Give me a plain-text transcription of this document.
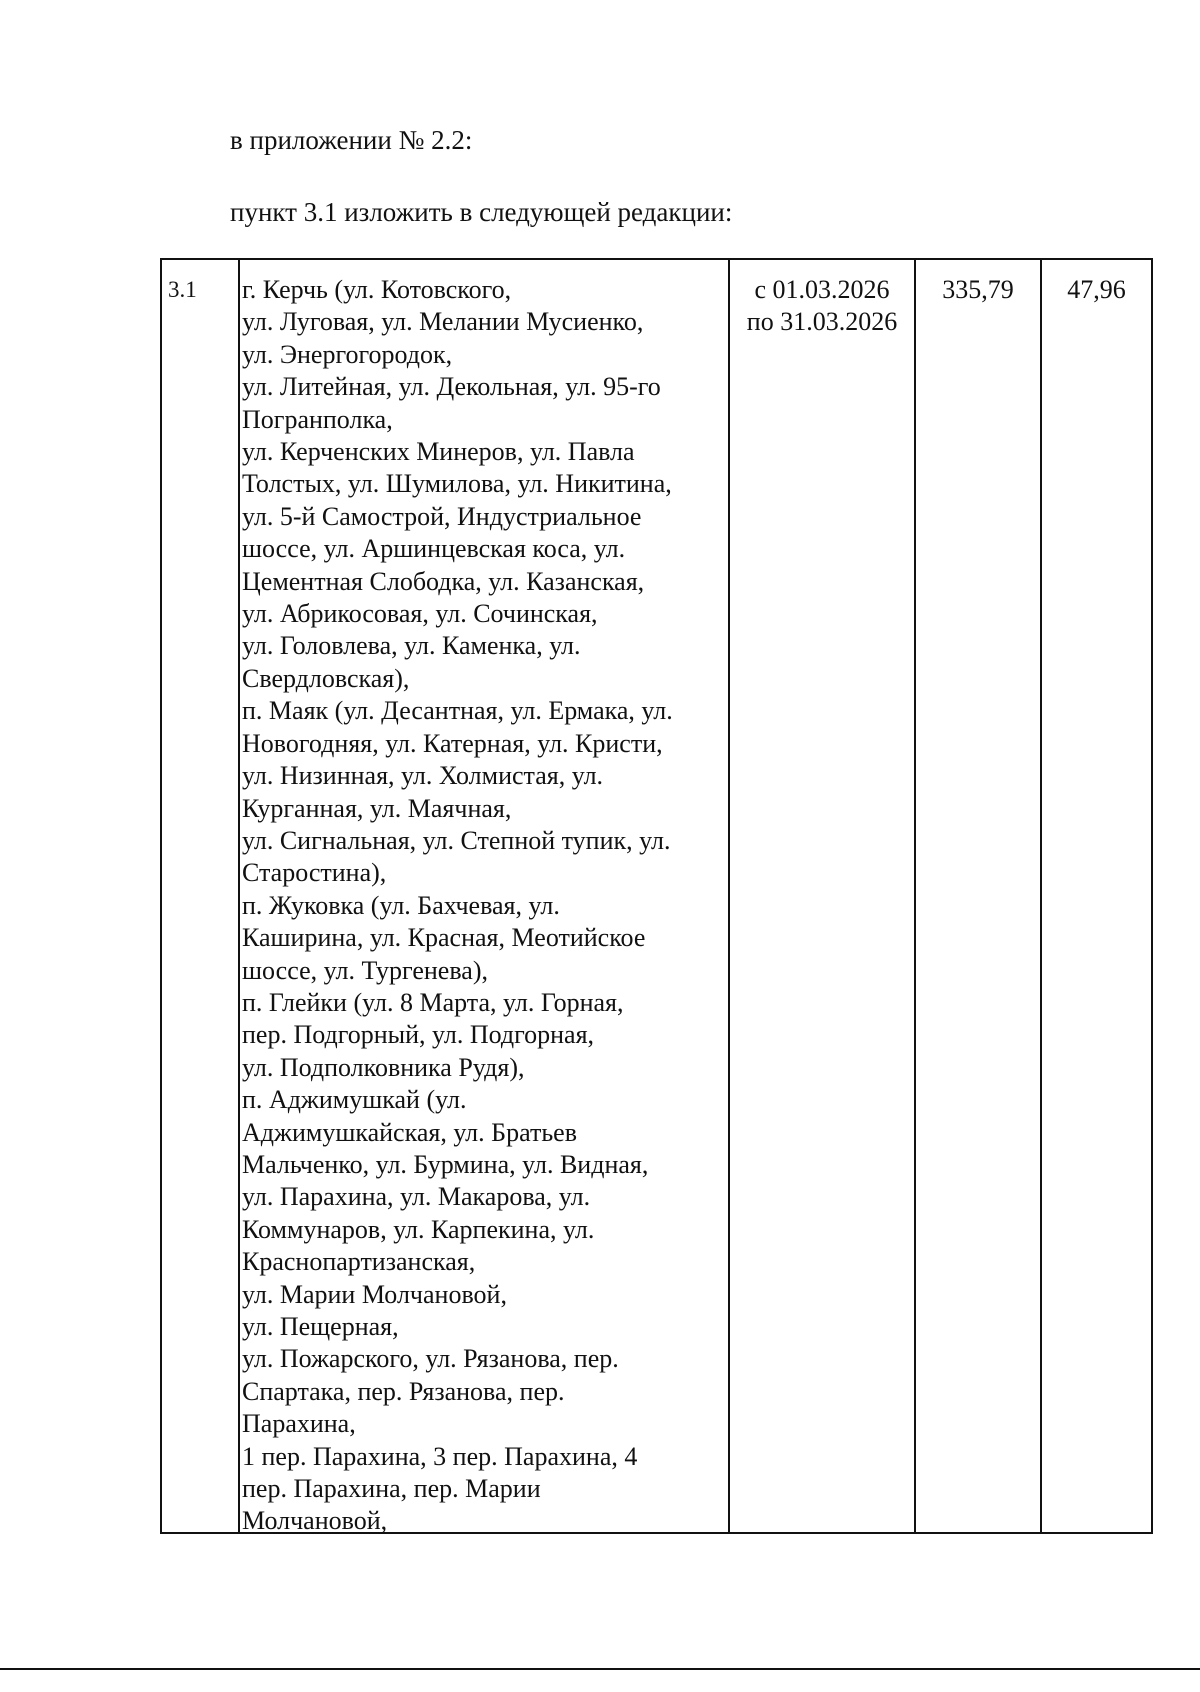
в приложении № 2.2:
пункт 3.1 изложить в следующей редакции:
3.1 г. Керчь (ул. Котовского,
ул. Луговая, ул. Мелании Мусиенко,
ул. Энергогородок,
ул. Литейная, ул. Декольная, ул. 95-го
Погранполка,
ул. Керченских Минеров, ул. Павла
Толстых, ул. Шумилова, ул. Никитина,
ул. 5-й Самострой, Индустриальное
шоссе, ул. Аршинцевская коса, ул.
Цементная Слободка, ул. Казанская,
ул. Абрикосовая, ул. Сочинская,
ул. Головлева, ул. Каменка, ул.
Свердловская),
п. Маяк (ул. Десантная, ул. Ермака, ул.
Новогодняя, ул. Катерная, ул. Кристи,
ул. Низинная, ул. Холмистая, ул.
Курганная, ул. Маячная,
ул. Сигнальная, ул. Степной тупик, ул.
Старостина),
п. Жуковка (ул. Бахчевая, ул.
Каширина, ул. Красная, Меотийское
шоссе, ул. Тургенева),
п. Глейки (ул. 8 Марта, ул. Горная,
пер. Подгорный, ул. Подгорная,
ул. Подполковника Рудя),
п. Аджимушкай (ул.
Аджимушкайская, ул. Братьев
Мальченко, ул. Бурмина, ул. Видная,
ул. Парахина, ул. Макарова, ул.
Коммунаров, ул. Карпекина, ул.
Краснопартизанская,
ул. Марии Молчановой,
ул. Пещерная,
ул. Пожарского, ул. Рязанова, пер.
Спартака, пер. Рязанова, пер.
Парахина,
1 пер. Парахина, 3 пер. Парахина, 4
пер. Парахина, пер. Марии
Молчановой,
с 01.03.2026
по 31.03.2026
335,79	47,96
